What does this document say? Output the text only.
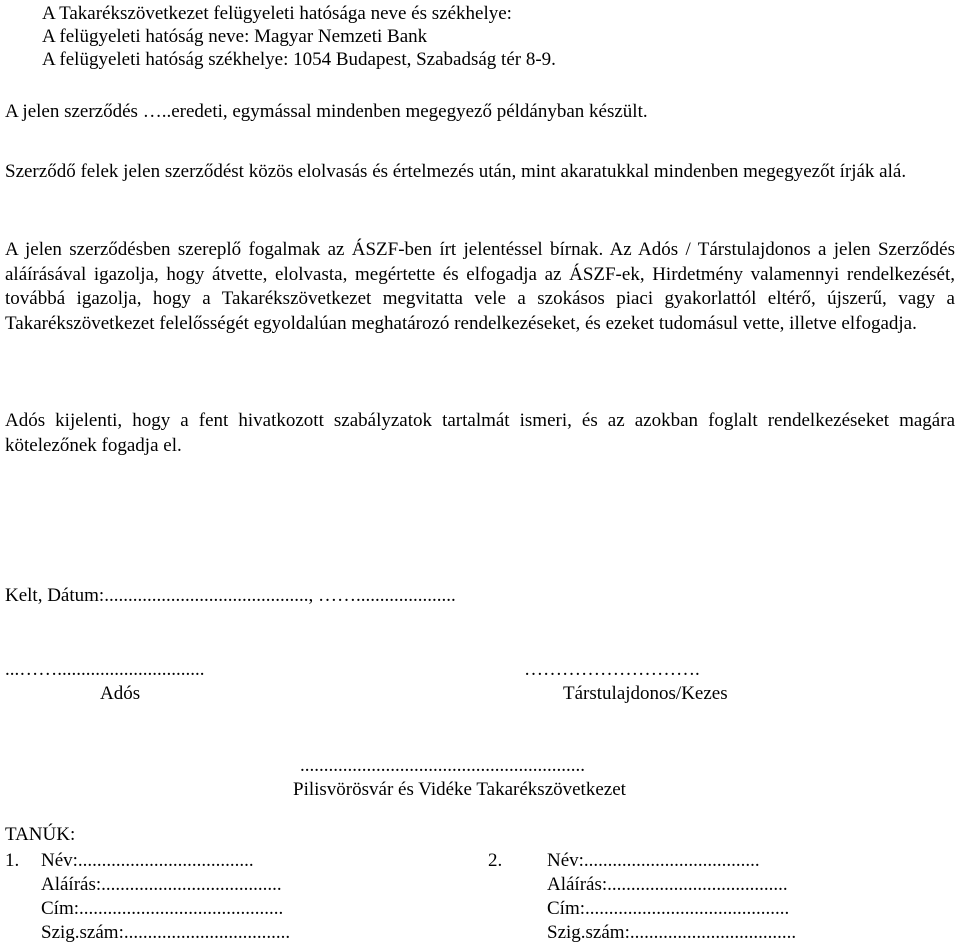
A Takarékszövetkezet felügyeleti hatósága neve és székhelye:
A felügyeleti hatóság neve: Magyar Nemzeti Bank
A felügyeleti hatóság székhelye: 1054 Budapest, Szabadság tér 8-9.
A jelen szerződés …..eredeti, egymással mindenben megegyező példányban készült.
Szerződő felek jelen szerződést közös elolvasás és értelmezés után, mint akaratukkal mindenben megegyezőt írják alá.
A jelen szerződésben szereplő fogalmak az ÁSZF-ben írt jelentéssel bírnak. Az Adós / Társtulajdonos a jelen Szerződés aláírásával igazolja, hogy átvette, elolvasta, megértette és elfogadja az ÁSZF-ek, Hirdetmény valamennyi rendelkezését, továbbá igazolja, hogy a Takarékszövetkezet megvitatta vele a szokásos piaci gyakorlattól eltérő, újszerű, vagy a Takarékszövetkezet felelősségét egyoldalúan meghatározó rendelkezéseket, és ezeket tudomásul vette, illetve elfogadja.
Adós kijelenti, hogy a fent hivatkozott szabályzatok tartalmát ismeri, és az azokban foglalt rendelkezéseket magára kötelezőnek fogadja el.
Kelt, Dátum:..........................................., …….....................
...……...............................
Adós
……………………….
Társtulajdonos/Kezes
............................................................
Pilisvörösvár és Vidéke Takarékszövetkezet
TANÚK:
1. Név:.....................................
Aláírás:......................................
Cím:...........................................
Szig.szám:...................................
2. Név:.....................................
Aláírás:......................................
Cím:...........................................
Szig.szám:...................................
